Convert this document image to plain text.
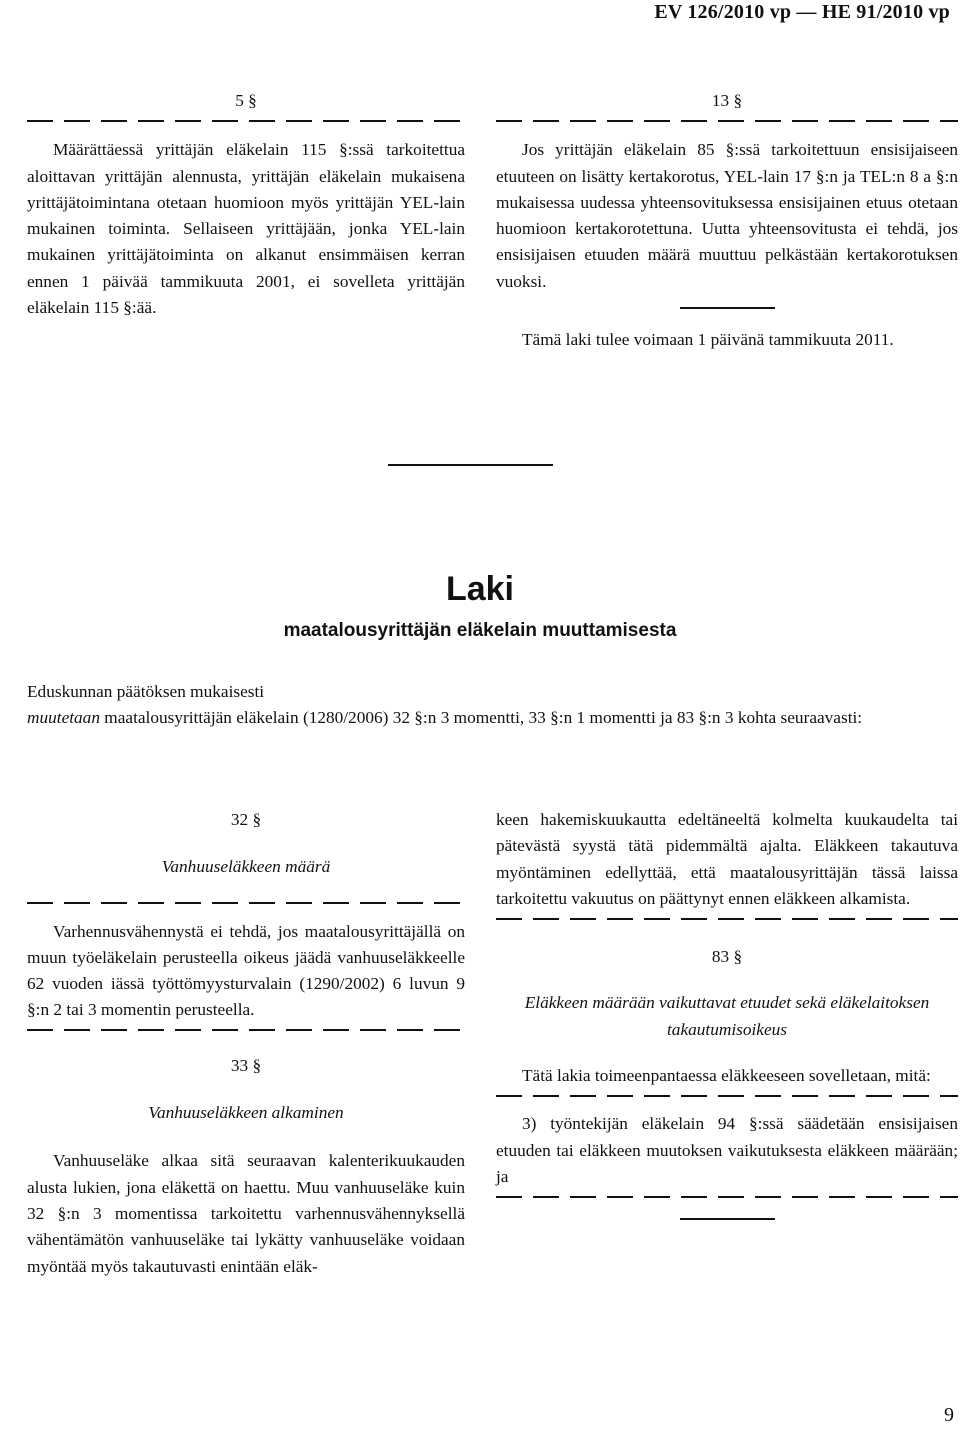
EV 126/2010 vp — HE 91/2010 vp
5 §

Määrättäessä yrittäjän eläkelain 115 §:ssä tarkoitettua aloittavan yrittäjän alennusta, yrittäjän eläkelain mukaisena yrittäjätoimintana otetaan huomioon myös yrittäjän YEL-lain mukainen toiminta. Sellaiseen yrittäjään, jonka YEL-lain mukainen yrittäjätoiminta on alkanut ensimmäisen kerran ennen 1 päivää tammikuuta 2001, ei sovelleta yrittäjän eläkelain 115 §:ää.

13 §

Jos yrittäjän eläkelain 85 §:ssä tarkoitettuun ensisijaiseen etuuteen on lisätty kertakorotus, YEL-lain 17 §:n ja TEL:n 8 a §:n mukaisessa uudessa yhteensovituksessa ensisijainen etuus otetaan huomioon kertakorotettuna. Uutta yhteensovitusta ei tehdä, jos ensisijaisen etuuden määrä muuttuu pelkästään kertakorotuksen vuoksi.

Tämä laki tulee voimaan 1 päivänä tammikuuta 2011.

Laki
maatalousyrittäjän eläkelain muuttamisesta

Eduskunnan päätöksen mukaisesti

muutetaan maatalousyrittäjän eläkelain (1280/2006) 32 §:n 3 momentti, 33 §:n 1 momentti ja 83 §:n 3 kohta seuraavasti:

32 §
Vanhuuseläkkeen määrä

Varhennusvähennystä ei tehdä, jos maatalousyrittäjällä on muun työeläkelain perusteella oikeus jäädä vanhuuseläkkeelle 62 vuoden iässä työttömyysturvalain (1290/2002) 6 luvun 9 §:n 2 tai 3 momentin perusteella.

33 §
Vanhuuseläkkeen alkaminen

Vanhuuseläke alkaa sitä seuraavan kalenterikuukauden alusta lukien, jona eläkettä on haettu. Muu vanhuuseläke kuin 32 §:n 3 momentissa tarkoitettu varhennusvähennyksellä vähentämätön vanhuuseläke tai lykätty vanhuuseläke voidaan myöntää myös takautuvasti enintään eläk-

keen hakemiskuukautta edeltäneeltä kolmelta kuukaudelta tai pätevästä syystä tätä pidemmältä ajalta. Eläkkeen takautuva myöntäminen edellyttää, että maatalousyrittäjän tässä laissa tarkoitettu vakuutus on päättynyt ennen eläkkeen alkamista.

83 §
Eläkkeen määrään vaikuttavat etuudet sekä eläkelaitoksen takautumisoikeus

Tätä lakia toimeenpantaessa eläkkeeseen sovelletaan, mitä:

3) työntekijän eläkelain 94 §:ssä säädetään ensisijaisen etuuden tai eläkkeen muutoksen vaikutuksesta eläkkeen määrään; ja

9
